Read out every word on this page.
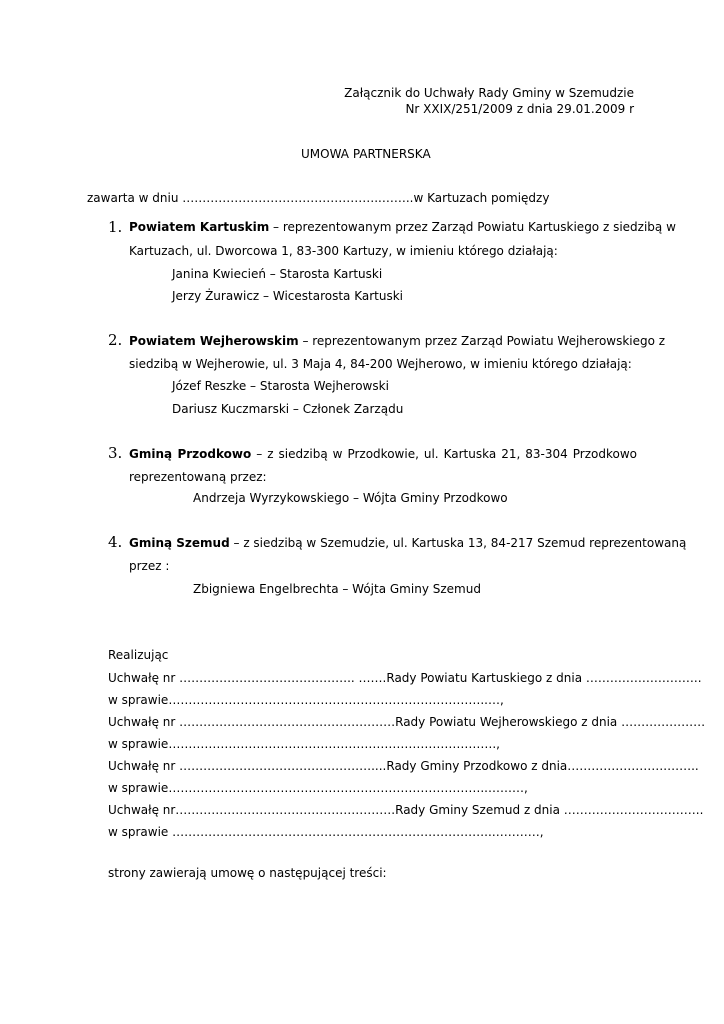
Załącznik do Uchwały Rady Gminy w Szemudzie
Nr XXIX/251/2009 z dnia 29.01.2009 r
UMOWA PARTNERSKA
zawarta w dniu …………………………………………..……..w Kartuzach pomiędzy
1. Powiatem Kartuskim – reprezentowanym przez Zarząd Powiatu Kartuskiego z siedzibą w
Kartuzach, ul. Dworcowa 1, 83-300 Kartuzy, w imieniu którego działają:
Janina Kwiecień – Starosta Kartuski
Jerzy Żurawicz – Wicestarosta Kartuski
2. Powiatem Wejherowskim – reprezentowanym przez Zarząd Powiatu Wejherowskiego z
siedzibą w Wejherowie, ul. 3 Maja 4, 84-200 Wejherowo, w imieniu którego działają:
Józef Reszke – Starosta Wejherowski
Dariusz Kuczmarski – Członek Zarządu
3. Gminą Przodkowo – z siedzibą w Przodkowie, ul. Kartuska 21, 83-304 Przodkowo
reprezentowaną przez:
Andrzeja Wyrzykowskiego – Wójta Gminy Przodkowo
4. Gminą Szemud – z siedzibą w Szemudzie, ul. Kartuska 13, 84-217 Szemud reprezentowaną
przez :
Zbigniewa Engelbrechta – Wójta Gminy Szemud
Realizując
Uchwałę nr …………………………………….. …….Rady Powiatu Kartuskiego z dnia ………………………..
w sprawie……………………………………………………………………..…,
Uchwałę nr ………………………………………………Rady Powiatu Wejherowskiego z dnia …………………
w sprawie……………………………………………………………………….,
Uchwałę nr …………………………………………....Rady Gminy Przodkowo z dnia…………………….……..
w sprawie……………………………………………………………………..………,
Uchwałę nr……………………………………………….Rady Gminy Szemud z dnia ……………………………..
w sprawie ……………………………………………………………………..…………,
strony zawierają umowę o następującej treści:
